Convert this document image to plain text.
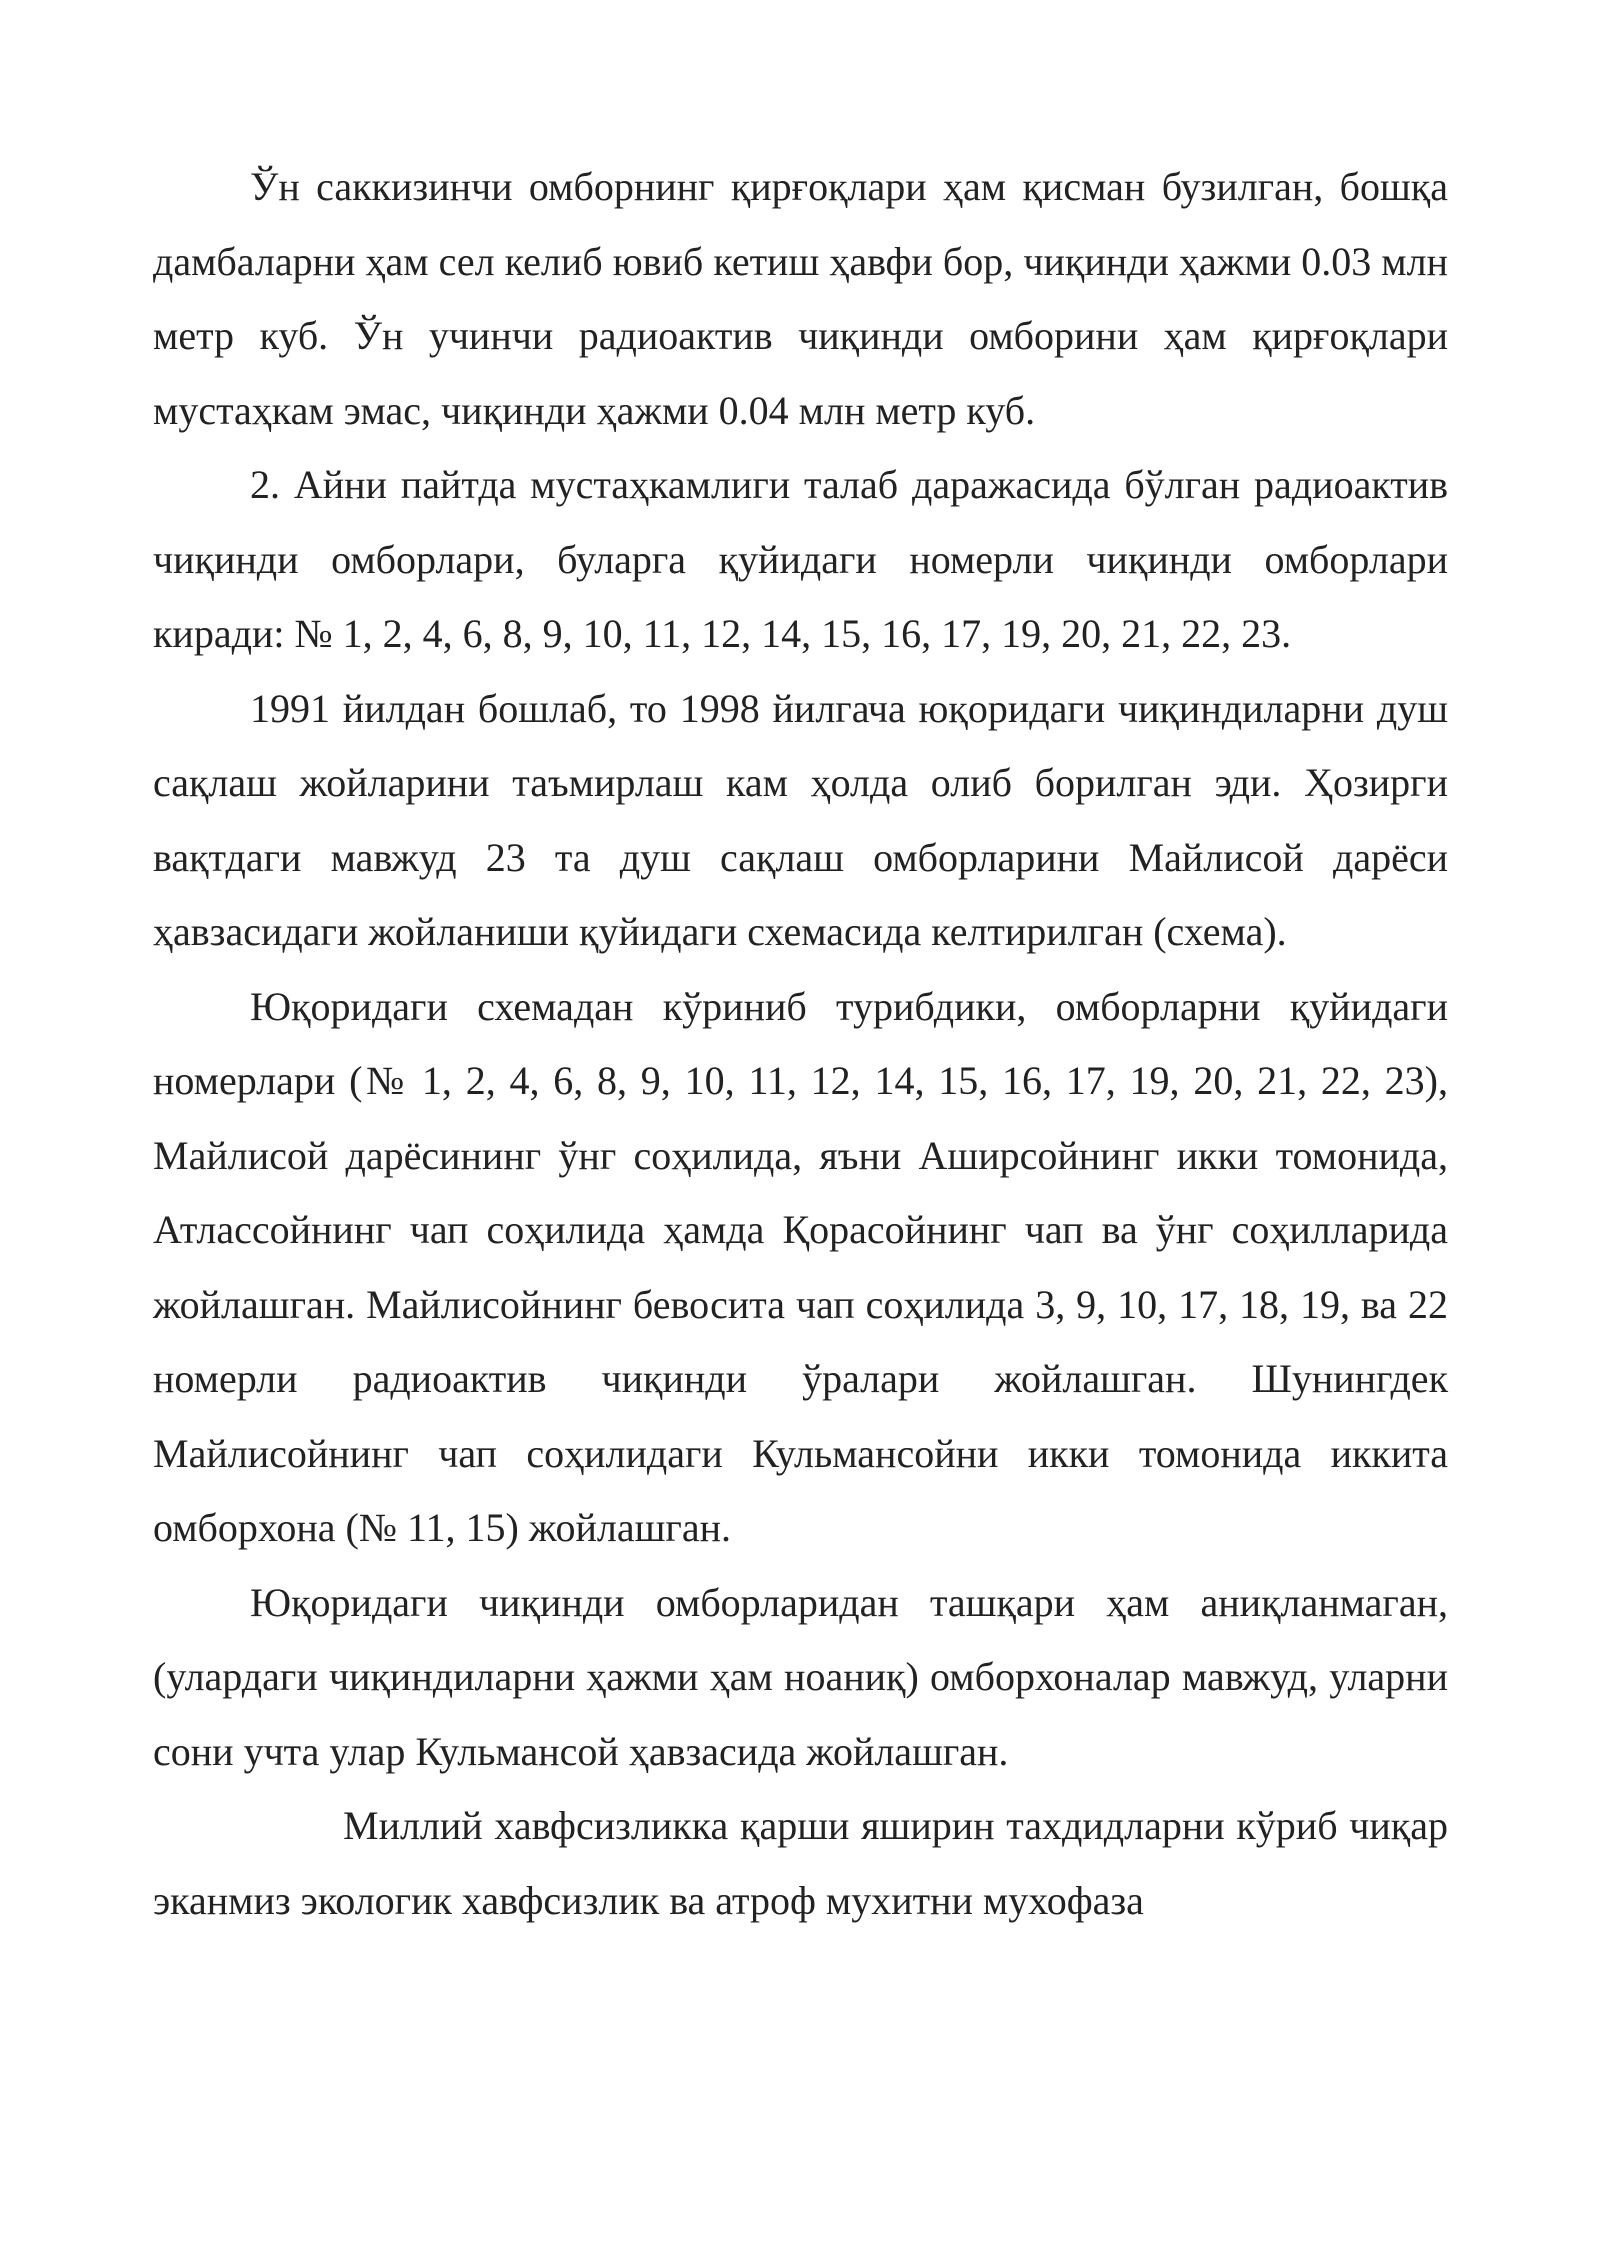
Ўн саккизинчи омборнинг қирғоқлари ҳам қисман бузилган, бошқа дамбаларни ҳам сел келиб ювиб кетиш ҳавфи бор, чиқинди ҳажми 0.03 млн метр куб. Ўн учинчи радиоактив чиқинди омборини ҳам қирғоқлари мустаҳкам эмас, чиқинди ҳажми 0.04 млн метр куб.

2. Айни пайтда мустаҳкамлиги талаб даражасида бўлган радиоактив чиқинди омборлари, буларга қуйидаги номерли чиқинди омборлари киради: № 1, 2, 4, 6, 8, 9, 10, 11, 12, 14, 15, 16, 17, 19, 20, 21, 22, 23.

1991 йилдан бошлаб, то 1998 йилгача юқоридаги чиқиндиларни душ сақлаш жойларини таъмирлаш кам ҳолда олиб борилган эди. Ҳозирги вақтдаги мавжуд 23 та душ сақлаш омборларини Майлисой дарёси ҳавзасидаги жойланиши қуйидаги схемасида келтирилган (схема).

Юқоридаги схемадан кўриниб турибдики, омборларни қуйидаги номерлари (№ 1, 2, 4, 6, 8, 9, 10, 11, 12, 14, 15, 16, 17, 19, 20, 21, 22, 23), Майлисой дарёсининг ўнг соҳилида, яъни Аширсойнинг икки томонида, Атлассойнинг чап соҳилида ҳамда Қорасойнинг чап ва ўнг соҳилларида жойлашган. Майлисойнинг бевосита чап соҳилида 3, 9, 10, 17, 18, 19, ва 22 номерли радиоактив чиқинди ўралари жойлашган. Шунингдек Майлисойнинг чап соҳилидаги Кульмансойни икки томонида иккита омборхона (№ 11, 15) жойлашган.

Юқоридаги чиқинди омборларидан ташқари ҳам аниқланмаган, (улардаги чиқиндиларни ҳажми ҳам ноаниқ) омборхоналар мавжуд, уларни сони учта улар Кульмансой ҳавзасида жойлашган.

Миллий хавфсизликка қарши яширин тахдидларни кўриб чиқар эканмиз экологик хавфсизлик ва атроф мухитни мухофаза
